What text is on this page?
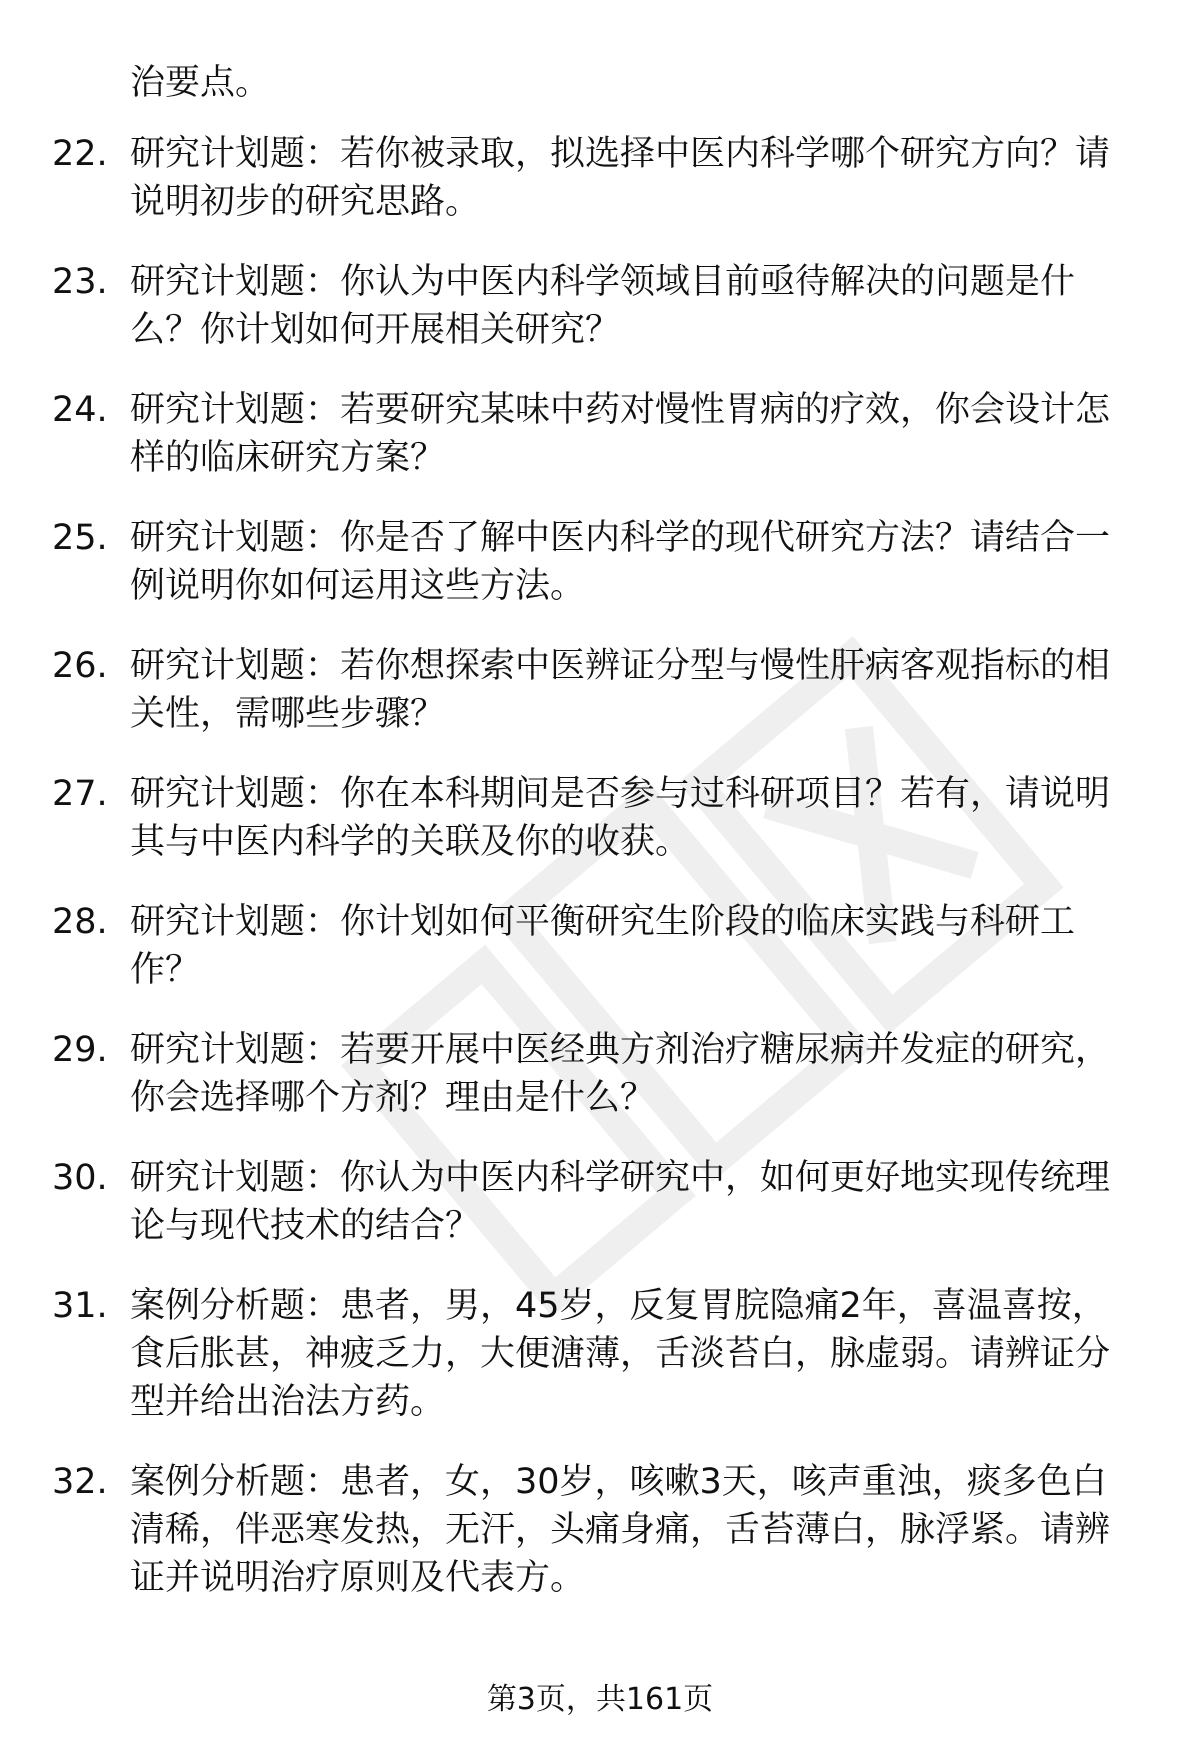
治要点。

22. 研究计划题：若你被录取，拟选择中医内科学哪个研究方向？请说明初步的研究思路。
23. 研究计划题：你认为中医内科学领域目前亟待解决的问题是什么？你计划如何开展相关研究？
24. 研究计划题：若要研究某味中药对慢性胃病的疗效，你会设计怎样的临床研究方案？
25. 研究计划题：你是否了解中医内科学的现代研究方法？请结合一例说明你如何运用这些方法。
26. 研究计划题：若你想探索中医辨证分型与慢性肝病客观指标的相关性，需哪些步骤？
27. 研究计划题：你在本科期间是否参与过科研项目？若有，请说明其与中医内科学的关联及你的收获。
28. 研究计划题：你计划如何平衡研究生阶段的临床实践与科研工作？
29. 研究计划题：若要开展中医经典方剂治疗糖尿病并发症的研究，你会选择哪个方剂？理由是什么？
30. 研究计划题：你认为中医内科学研究中，如何更好地实现传统理论与现代技术的结合？
31. 案例分析题：患者，男，45岁，反复胃脘隐痛2年，喜温喜按，食后胀甚，神疲乏力，大便溏薄，舌淡苔白，脉虚弱。请辨证分型并给出治法方药。
32. 案例分析题：患者，女，30岁，咳嗽3天，咳声重浊，痰多色白清稀，伴恶寒发热，无汗，头痛身痛，舌苔薄白，脉浮紧。请辨证并说明治疗原则及代表方。
第3页，共161页
